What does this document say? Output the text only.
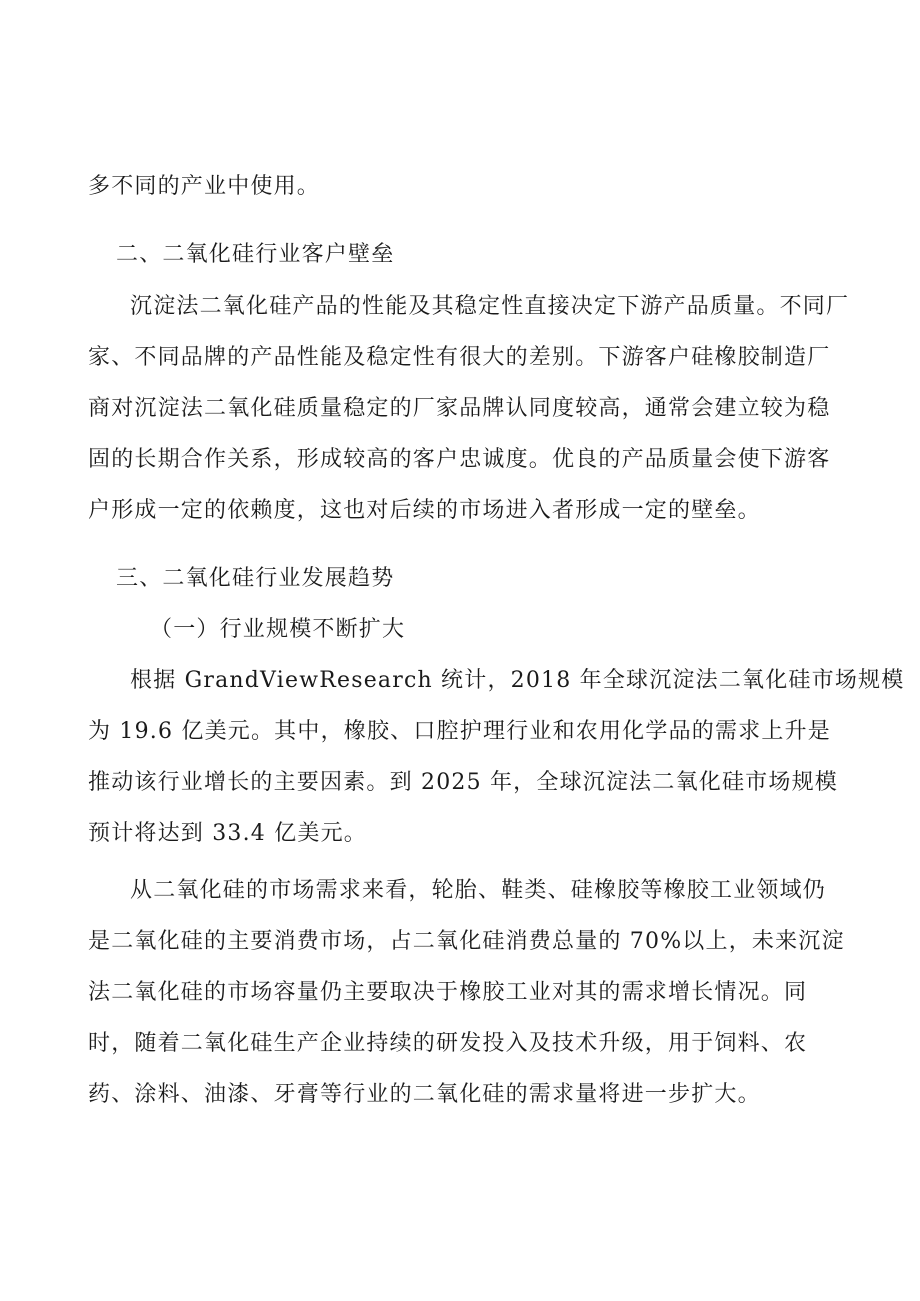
多不同的产业中使用。

二、二氧化硅行业客户壁垒

沉淀法二氧化硅产品的性能及其稳定性直接决定下游产品质量。不同厂

家、不同品牌的产品性能及稳定性有很大的差别。下游客户硅橡胶制造厂

商对沉淀法二氧化硅质量稳定的厂家品牌认同度较高，通常会建立较为稳

固的长期合作关系，形成较高的客户忠诚度。优良的产品质量会使下游客

户形成一定的依赖度，这也对后续的市场进入者形成一定的壁垒。

三、二氧化硅行业发展趋势

（一）行业规模不断扩大

根据 GrandViewResearch 统计，2018 年全球沉淀法二氧化硅市场规模

为 19.6 亿美元。其中，橡胶、口腔护理行业和农用化学品的需求上升是

推动该行业增长的主要因素。到 2025 年，全球沉淀法二氧化硅市场规模

预计将达到 33.4 亿美元。

从二氧化硅的市场需求来看，轮胎、鞋类、硅橡胶等橡胶工业领域仍

是二氧化硅的主要消费市场，占二氧化硅消费总量的 70%以上，未来沉淀

法二氧化硅的市场容量仍主要取决于橡胶工业对其的需求增长情况。同

时，随着二氧化硅生产企业持续的研发投入及技术升级，用于饲料、农

药、涂料、油漆、牙膏等行业的二氧化硅的需求量将进一步扩大。
